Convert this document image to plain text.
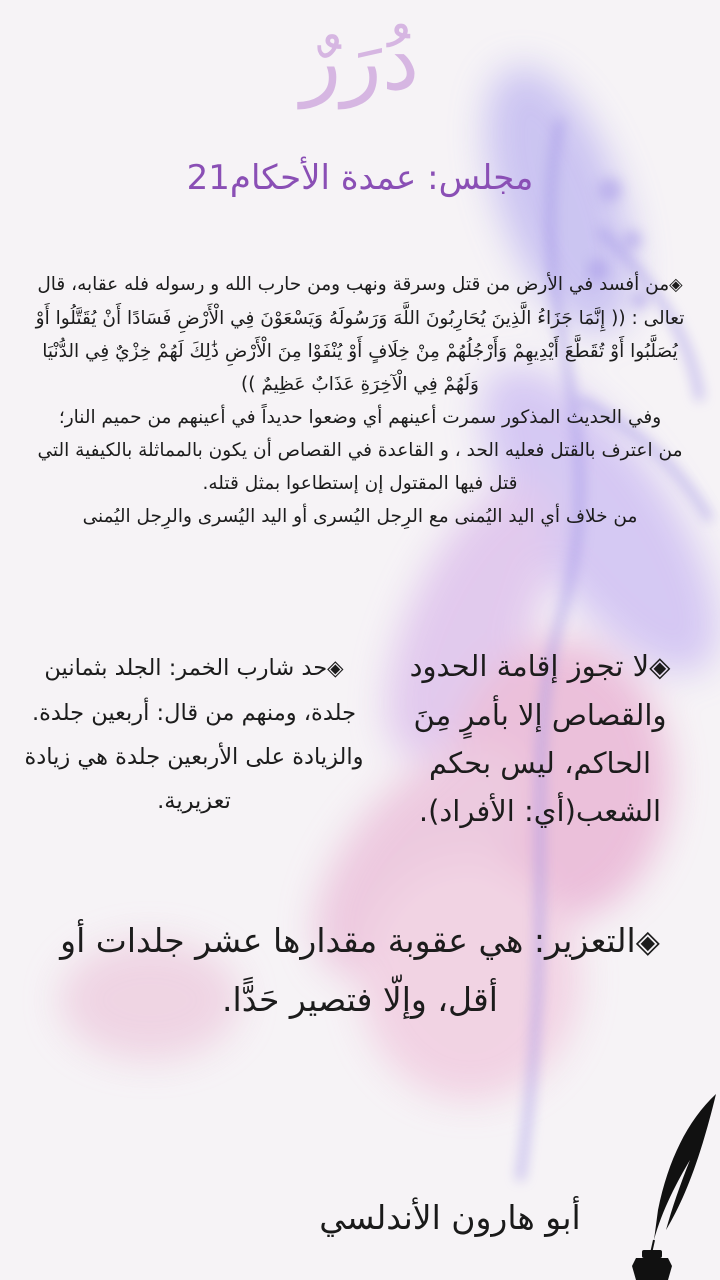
دُرَرٌ
مجلس: عمدة الأحكام21

◈من أفسد في الأرض من قتل وسرقة ونهب ومن حارب الله و رسوله فله عقابه، قال تعالى : (( إِنَّمَا جَزَاءُ الَّذِينَ يُحَارِبُونَ اللَّهَ وَرَسُولَهُ وَيَسْعَوْنَ فِي الْأَرْضِ فَسَادًا أَنْ يُقَتَّلُوا أَوْ يُصَلَّبُوا أَوْ تُقَطَّعَ أَيْدِيهِمْ وَأَرْجُلُهُمْ مِنْ خِلَافٍ أَوْ يُنْفَوْا مِنَ الْأَرْضِ ذَٰلِكَ لَهُمْ خِزْيٌ فِي الدُّنْيَا وَلَهُمْ فِي الْآخِرَةِ عَذَابٌ عَظِيمٌ ))

وفي الحديث المذكور سمرت أعينهم أي وضعوا حديداً في أعينهم من حميم النار؛

من اعترف بالقتل فعليه الحد ، و القاعدة في القصاص أن يكون بالمماثلة بالكيفية التي قتل فيها المقتول إن إستطاعوا بمثل قتله.

من خلاف أي اليد اليُمنى مع الرِجل اليُسرى أو اليد اليُسرى والرِجل اليُمنى

◈لا تجوز إقامة الحدود والقصاص إلا بأمرٍ مِنَ الحاكم، ليس بحكم الشعب(أي: الأفراد).
◈حد شارب الخمر: الجلد بثمانين جلدة، ومنهم من قال: أربعين جلدة. والزيادة على الأربعين جلدة هي زيادة تعزيرية.
◈التعزير: هي عقوبة مقدارها عشر جلدات أو أقل، وإلّا فتصير حَدًّا.
أبو هارون الأندلسي
